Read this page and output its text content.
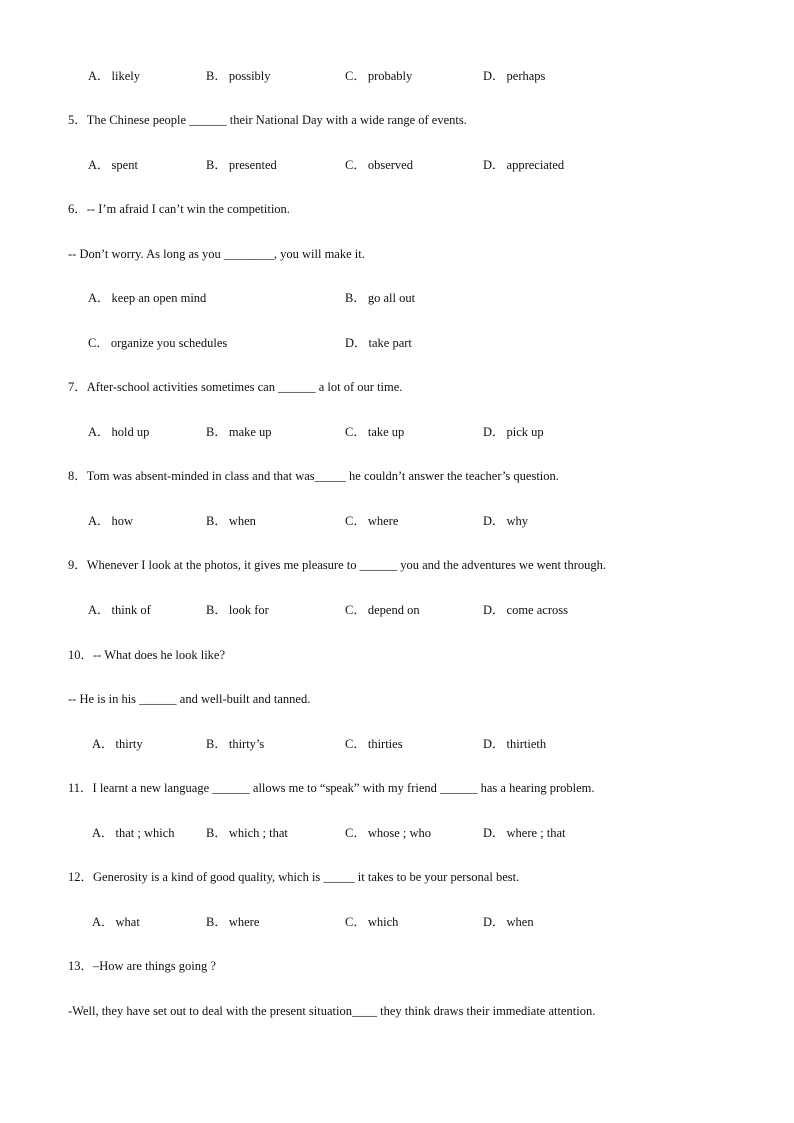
A． likely	B． possibly	C． probably	D． perhaps
5．The Chinese people ______ their National Day with a wide range of events.
A． spent	B． presented	C． observed	D． appreciated
6．-- I’m afraid I can’t win the competition.
-- Don’t worry. As long as you ________, you will make it.
A． keep an open mind	B． go all out
C． organize you schedules	D． take part
7．After-school activities sometimes can ______ a lot of our time.
A． hold up	B． make up	C． take up	D． pick up
8．Tom was absent-minded in class and that was_____ he couldn’t answer the teacher’s question.
A． how	B． when	C． where	D． why
9．Whenever I look at the photos, it gives me pleasure to ______ you and the adventures we went through.
A． think of	B． look for	C． depend on	D． come across
10．-- What does he look like?
-- He is in his ______ and well-built and tanned.
A． thirty	B． thirty’s	C． thirties	D． thirtieth
11．I learnt a new language ______ allows me to “speak” with my friend ______ has a hearing problem.
A． that ; which	B． which ; that	C． whose ; who	D． where ; that
12．Generosity is a kind of good quality, which is _____ it takes to be your personal best.
A． what	B． where	C． which	D． when
13．–How are things going ?
-Well, they have set out to deal with the present situation____ they think draws their immediate attention.
